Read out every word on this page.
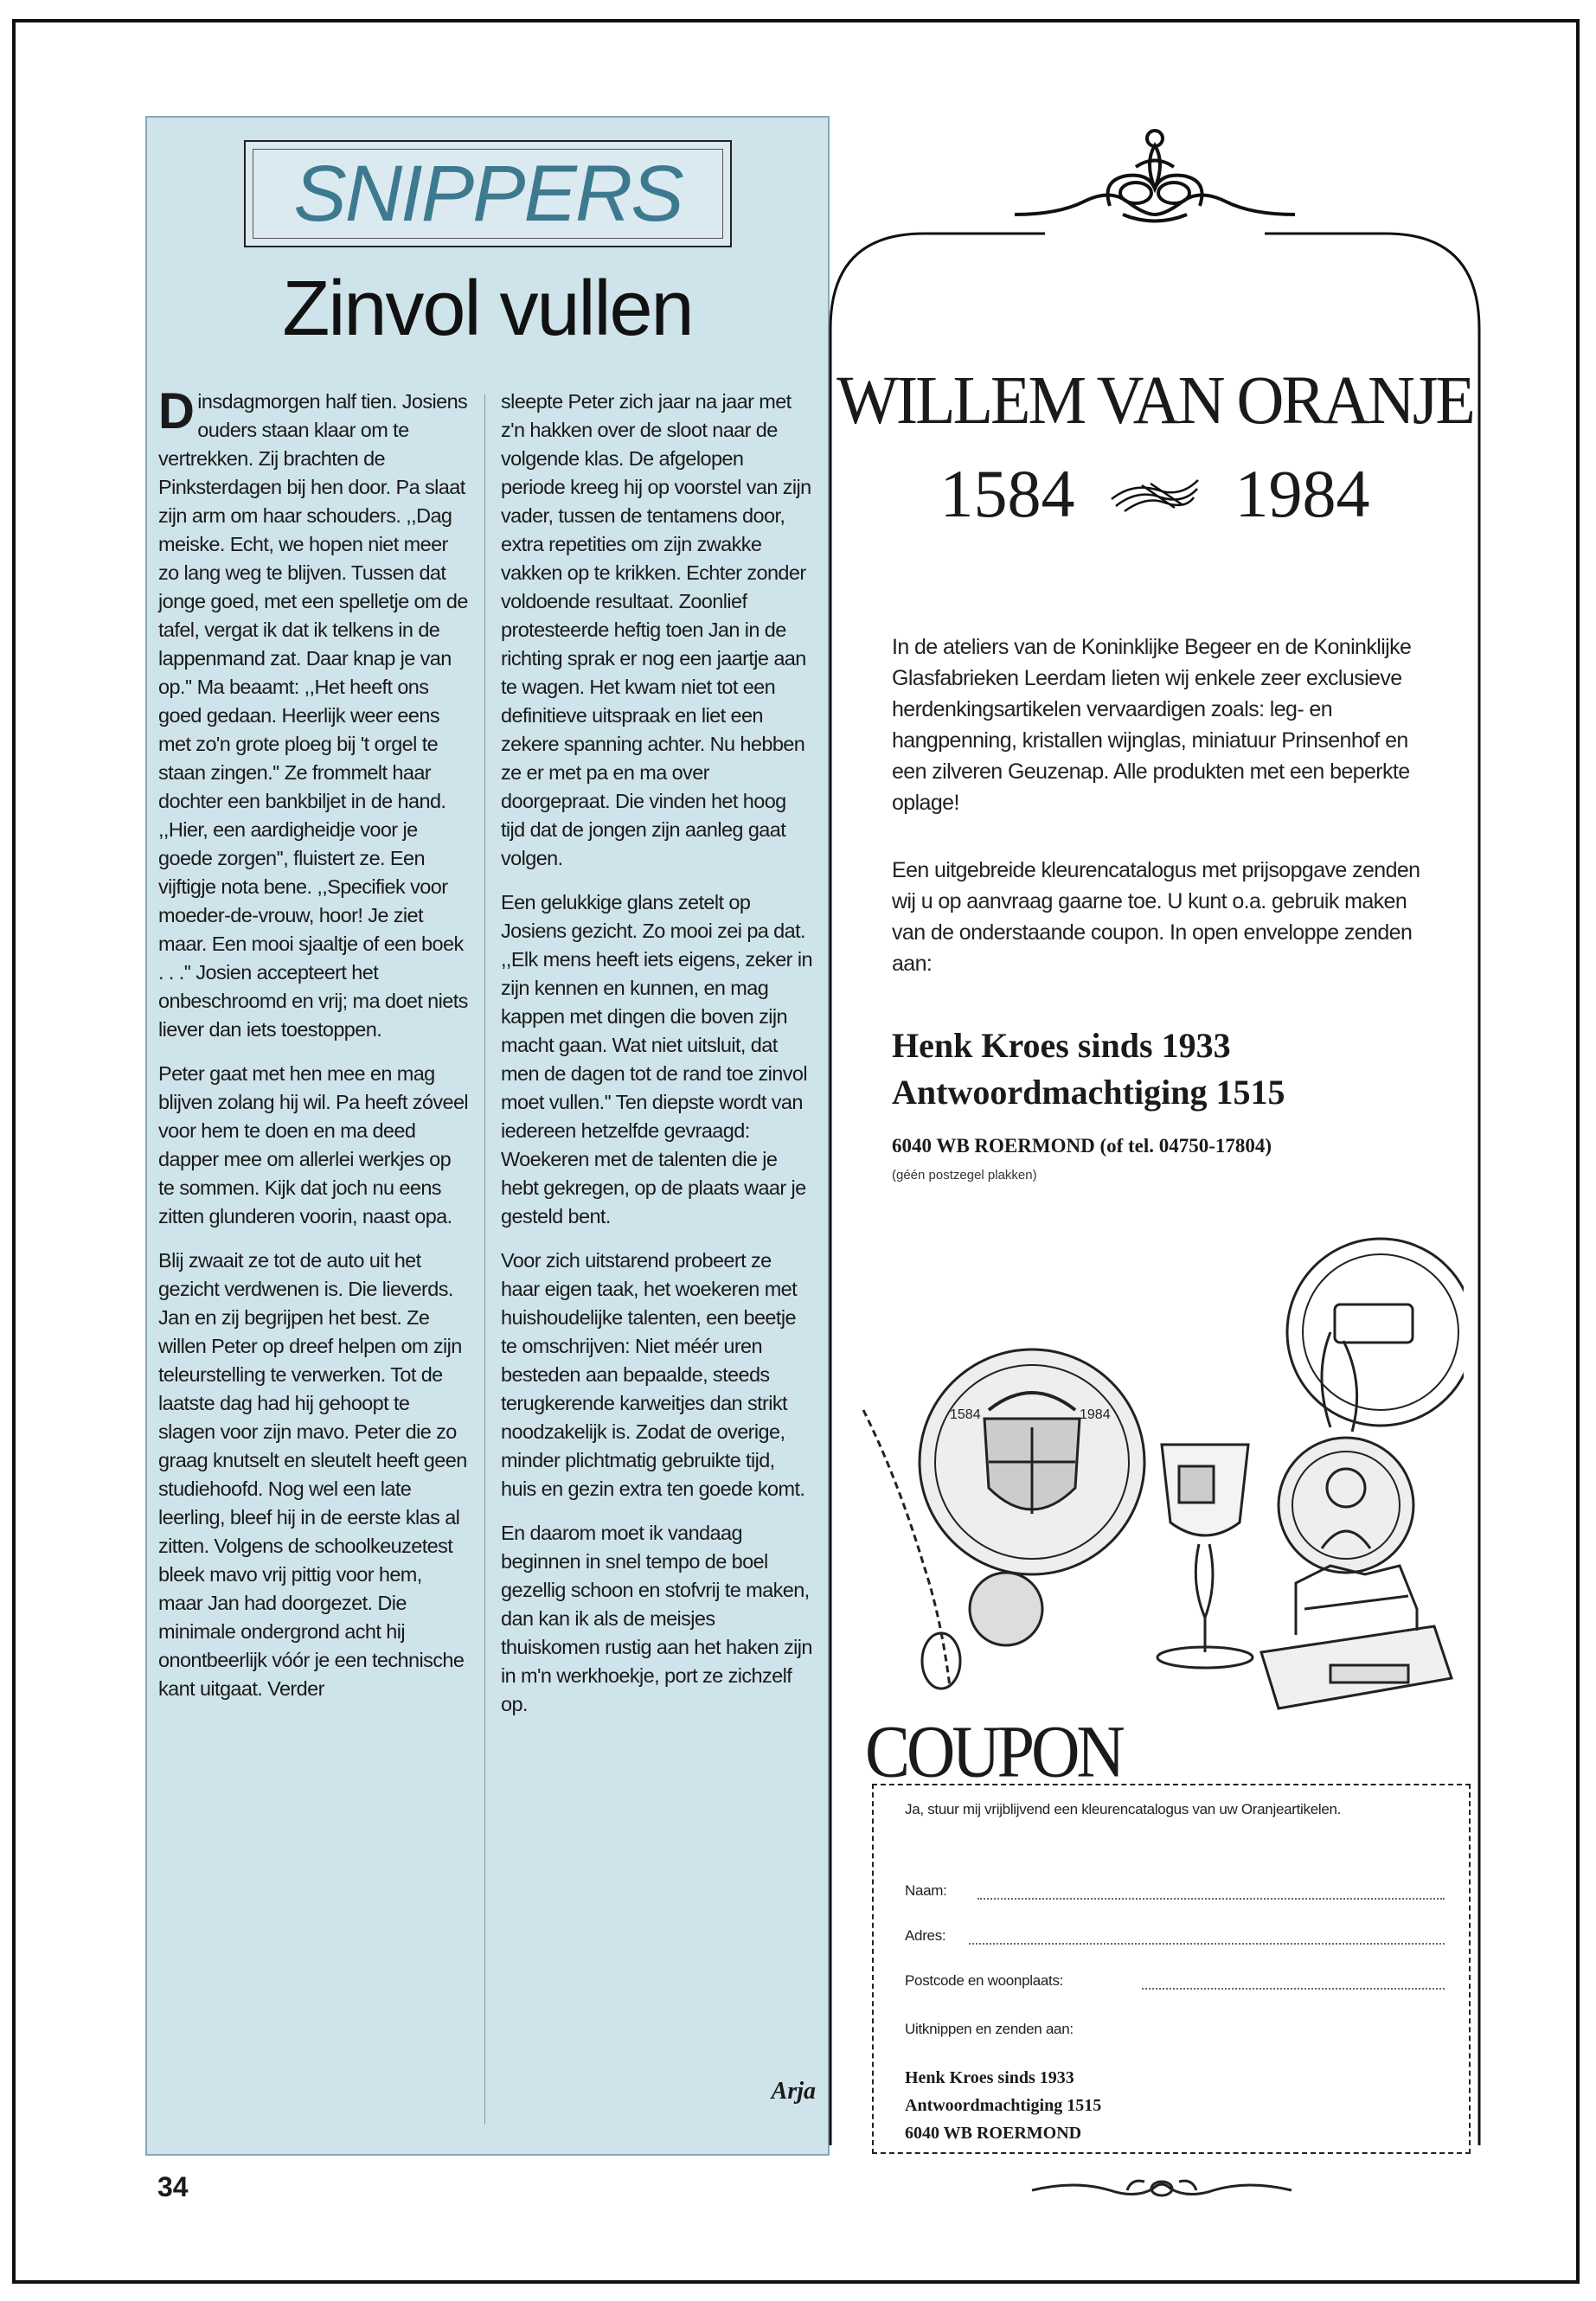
SNIPPERS
Zinvol vullen

Dinsdagmorgen half tien. Josiens ouders staan klaar om te vertrekken. Zij brachten de Pinksterdagen bij hen door. Pa slaat zijn arm om haar schouders. ,,Dag meiske. Echt, we hopen niet meer zo lang weg te blijven. Tussen dat jonge goed, met een spelletje om de tafel, vergat ik dat ik telkens in de lappenmand zat. Daar knap je van op.'' Ma beaamt: ,,Het heeft ons goed gedaan. Heerlijk weer eens met zo'n grote ploeg bij 't orgel te staan zingen.'' Ze frommelt haar dochter een bankbiljet in de hand. ,,Hier, een aardigheidje voor je goede zorgen'', fluistert ze. Een vijftigje nota bene. ,,Specifiek voor moeder-de-vrouw, hoor! Je ziet maar. Een mooi sjaaltje of een boek . . .'' Josien accepteert het onbeschroomd en vrij; ma doet niets liever dan iets toestoppen.

Peter gaat met hen mee en mag blijven zolang hij wil. Pa heeft zóveel voor hem te doen en ma deed dapper mee om allerlei werkjes op te sommen. Kijk dat joch nu eens zitten glunderen voorin, naast opa.

Blij zwaait ze tot de auto uit het gezicht verdwenen is. Die lieverds. Jan en zij begrijpen het best. Ze willen Peter op dreef helpen om zijn teleurstelling te verwerken. Tot de laatste dag had hij gehoopt te slagen voor zijn mavo. Peter die zo graag knutselt en sleutelt heeft geen studiehoofd. Nog wel een late leerling, bleef hij in de eerste klas al zitten. Volgens de schoolkeuzetest bleek mavo vrij pittig voor hem, maar Jan had doorgezet. Die minimale ondergrond acht hij onontbeerlijk vóór je een technische kant uitgaat. Verder

sleepte Peter zich jaar na jaar met z'n hakken over de sloot naar de volgende klas. De afgelopen periode kreeg hij op voorstel van zijn vader, tussen de tentamens door, extra repetities om zijn zwakke vakken op te krikken. Echter zonder voldoende resultaat. Zoonlief protesteerde heftig toen Jan in de richting sprak er nog een jaartje aan te wagen. Het kwam niet tot een definitieve uitspraak en liet een zekere spanning achter. Nu hebben ze er met pa en ma over doorgepraat. Die vinden het hoog tijd dat de jongen zijn aanleg gaat volgen.

Een gelukkige glans zetelt op Josiens gezicht. Zo mooi zei pa dat. ,,Elk mens heeft iets eigens, zeker in zijn kennen en kunnen, en mag kappen met dingen die boven zijn macht gaan. Wat niet uitsluit, dat men de dagen tot de rand toe zinvol moet vullen.'' Ten diepste wordt van iedereen hetzelfde gevraagd: Woekeren met de talenten die je hebt gekregen, op de plaats waar je gesteld bent.

Voor zich uitstarend probeert ze haar eigen taak, het woekeren met huishoudelijke talenten, een beetje te omschrijven: Niet méér uren besteden aan bepaalde, steeds terugkerende karweitjes dan strikt noodzakelijk is. Zodat de overige, minder plichtmatig gebruikte tijd, huis en gezin extra ten goede komt.

En daarom moet ik vandaag beginnen in snel tempo de boel gezellig schoon en stofvrij te maken, dan kan ik als de meisjes thuiskomen rustig aan het haken zijn in m'n werkhoekje, port ze zichzelf op.

Arja
34
WILLEM VAN ORANJE
1584 1984
In de ateliers van de Koninklijke Begeer en de Koninklijke Glasfabrieken Leerdam lieten wij enkele zeer exclusieve herdenkingsartikelen vervaardigen zoals: leg- en hangpenning, kristallen wijnglas, miniatuur Prinsenhof en een zilveren Geuzenap. Alle produkten met een beperkte oplage!
Een uitgebreide kleurencatalogus met prijsopgave zenden wij u op aanvraag gaarne toe. U kunt o.a. gebruik maken van de onderstaande coupon. In open enveloppe zenden aan:
Henk Kroes sinds 1933
Antwoordmachtiging 1515
6040 WB ROERMOND (of tel. 04750-17804)
(géén postzegel plakken)
1584	1984
COUPON
Ja, stuur mij vrijblijvend een kleurencatalogus van uw Oranjeartikelen.
Naam:
Adres:
Postcode en woonplaats:
Uitknippen en zenden aan:
Henk Kroes sinds 1933
Antwoordmachtiging 1515
6040 WB ROERMOND
